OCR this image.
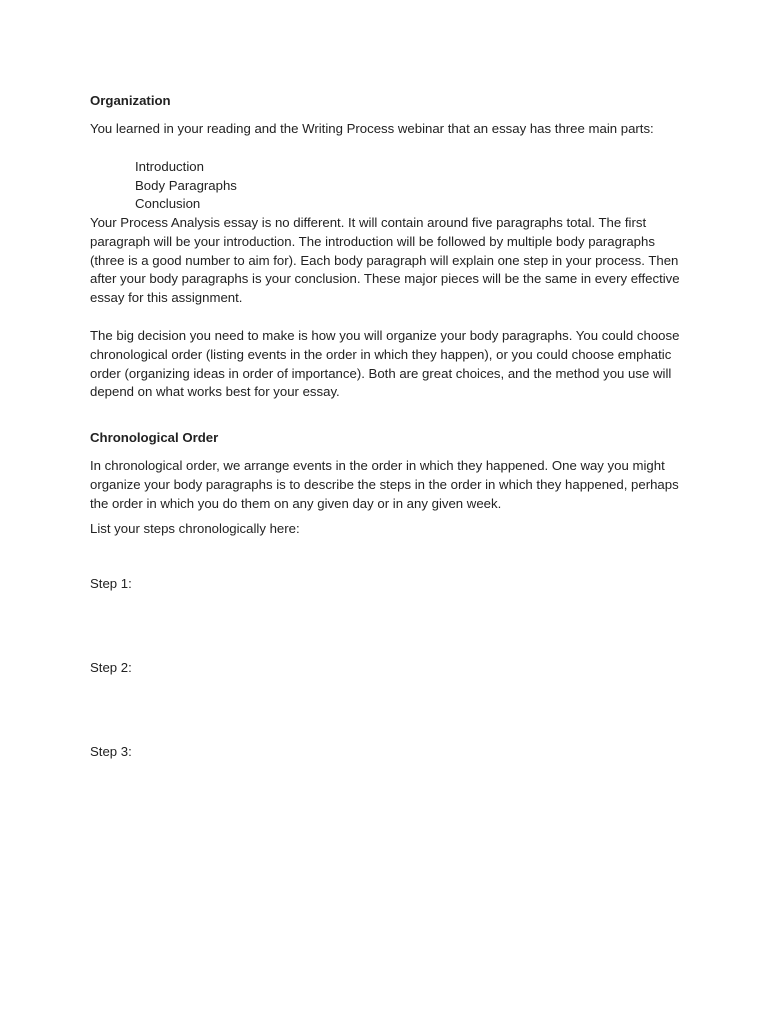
Organization

You learned in your reading and the Writing Process webinar that an essay has three main parts:

Introduction

Body Paragraphs

Conclusion

Your Process Analysis essay is no different. It will contain around five paragraphs total. The first paragraph will be your introduction. The introduction will be followed by multiple body paragraphs (three is a good number to aim for). Each body paragraph will explain one step in your process. Then after your body paragraphs is your conclusion. These major pieces will be the same in every effective essay for this assignment.

The big decision you need to make is how you will organize your body paragraphs. You could choose chronological order (listing events in the order in which they happen), or you could choose emphatic order (organizing ideas in order of importance). Both are great choices, and the method you use will depend on what works best for your essay.

Chronological Order

In chronological order, we arrange events in the order in which they happened. One way you might organize your body paragraphs is to describe the steps in the order in which they happened, perhaps the order in which you do them on any given day or in any given week.

List your steps chronologically here:

Step 1:

Step 2:

Step 3:
